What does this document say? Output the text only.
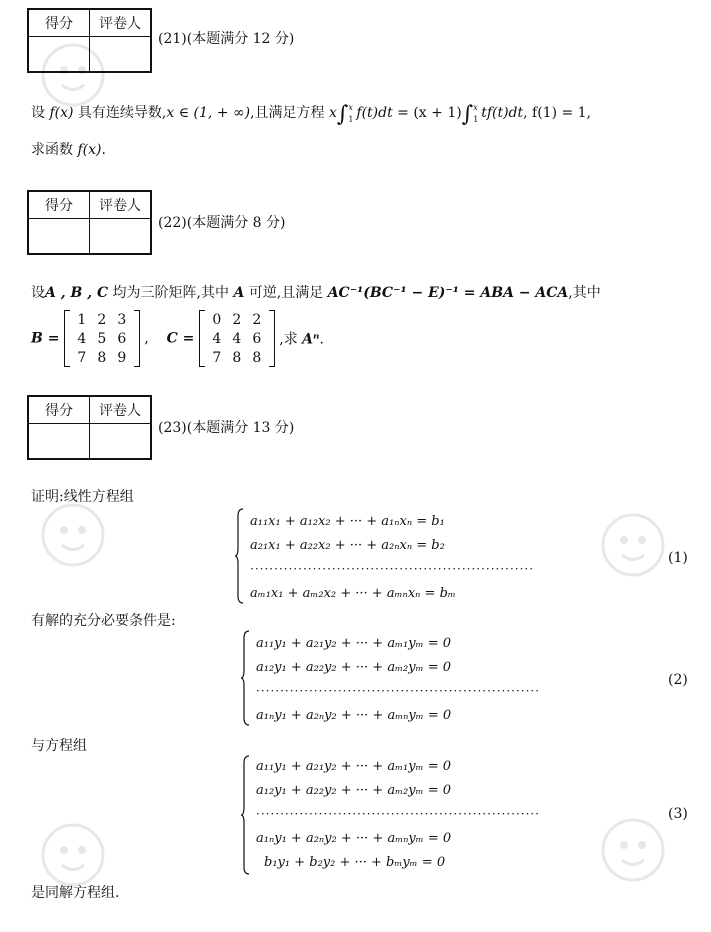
得分	评卷人

(21)(本题满分 12 分)
设 f(x) 具有连续导数,x ∈ (1, + ∞),且满足方程 x∫ x
1 f(t)dt = (x + 1)∫ x
1 tf(t)dt, f(1) = 1,
求函数 f(x).
得分	评卷人

(22)(本题满分 8 分)
设A , B , C 均为三阶矩阵,其中 A 可逆,且满足 AC⁻¹(BC⁻¹ − E)⁻¹ = ABA − ACA,其中
B =
1	2	3
4	5	6
7	8	9
,    C =
0	2	2
4	4	6
7	8	8
,求 Aⁿ.
得分	评卷人

(23)(本题满分 13 分)
证明:线性方程组
a₁₁x₁ + a₁₂x₂ + ··· + a₁ₙxₙ = b₁
a₂₁x₁ + a₂₂x₂ + ··· + a₂ₙxₙ = b₂
···························································
aₘ₁x₁ + aₘ₂x₂ + ··· + aₘₙxₙ = bₘ
(1)
有解的充分必要条件是:
a₁₁y₁ + a₂₁y₂ + ··· + aₘ₁yₘ = 0
a₁₂y₁ + a₂₂y₂ + ··· + aₘ₂yₘ = 0
···························································
a₁ₙy₁ + a₂ₙy₂ + ··· + aₘₙyₘ = 0
(2)
与方程组
a₁₁y₁ + a₂₁y₂ + ··· + aₘ₁yₘ = 0
a₁₂y₁ + a₂₂y₂ + ··· + aₘ₂yₘ = 0
···························································
a₁ₙy₁ + a₂ₙy₂ + ··· + aₘₙyₘ = 0
b₁y₁ + b₂y₂ + ··· + bₘyₘ = 0
(3)
是同解方程组.
